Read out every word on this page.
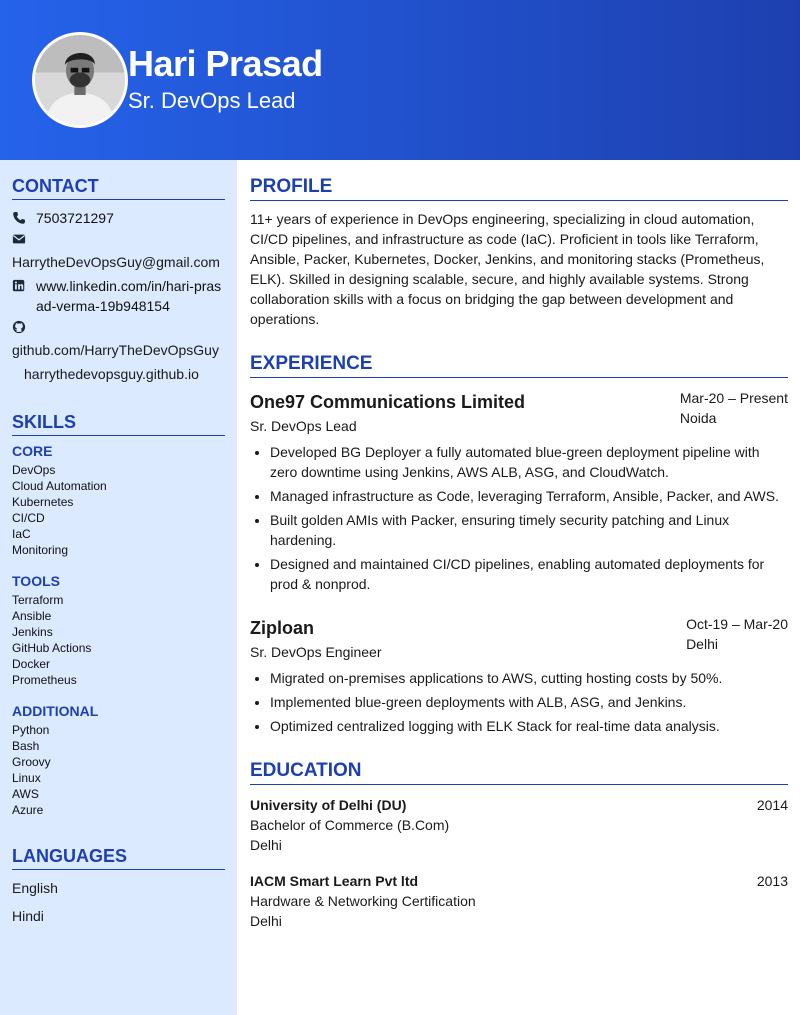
Hari Prasad
Sr. DevOps Lead
CONTACT
7503721297
HarrytheDevOpsGuy@gmail.com
www.linkedin.com/in/hari-prasad-verma-19b948154
github.com/HarryTheDevOpsGuy
harrythedevopsguy.github.io
SKILLS
CORE
DevOps
Cloud Automation
Kubernetes
CI/CD
IaC
Monitoring
TOOLS
Terraform
Ansible
Jenkins
GitHub Actions
Docker
Prometheus
ADDITIONAL
Python
Bash
Groovy
Linux
AWS
Azure
LANGUAGES
English
Hindi
PROFILE
11+ years of experience in DevOps engineering, specializing in cloud automation, CI/CD pipelines, and infrastructure as code (IaC). Proficient in tools like Terraform, Ansible, Packer, Kubernetes, Docker, Jenkins, and monitoring stacks (Prometheus, ELK). Skilled in designing scalable, secure, and highly available systems. Strong collaboration skills with a focus on bridging the gap between development and operations.
EXPERIENCE
One97 Communications Limited
Sr. DevOps Lead
Mar-20 – Present
Noida
• Developed BG Deployer a fully automated blue-green deployment pipeline with zero downtime using Jenkins, AWS ALB, ASG, and CloudWatch.
• Managed infrastructure as Code, leveraging Terraform, Ansible, Packer, and AWS.
• Built golden AMIs with Packer, ensuring timely security patching and Linux hardening.
• Designed and maintained CI/CD pipelines, enabling automated deployments for prod & nonprod.
Ziploan
Sr. DevOps Engineer
Oct-19 – Mar-20
Delhi
• Migrated on-premises applications to AWS, cutting hosting costs by 50%.
• Implemented blue-green deployments with ALB, ASG, and Jenkins.
• Optimized centralized logging with ELK Stack for real-time data analysis.
EDUCATION
University of Delhi (DU)
Bachelor of Commerce (B.Com)
Delhi
2014
IACM Smart Learn Pvt ltd
Hardware & Networking Certification
Delhi
2013
